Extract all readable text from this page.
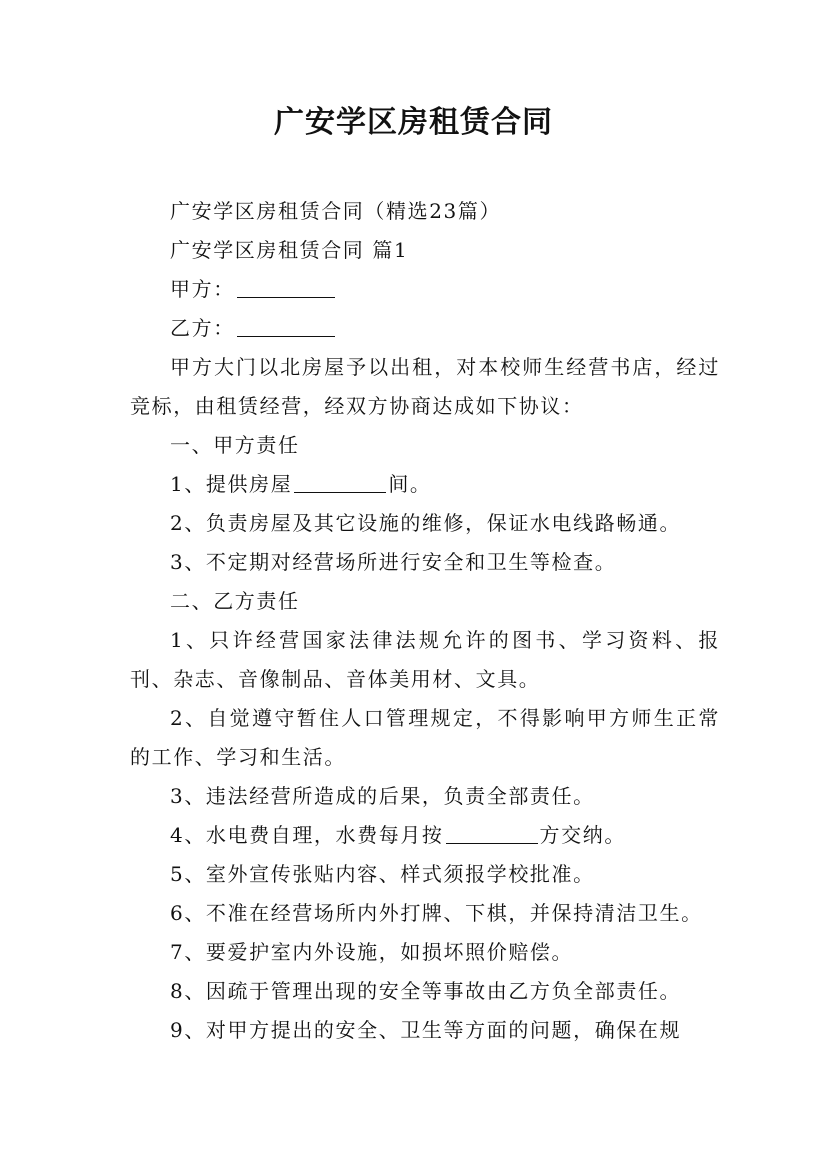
广安学区房租赁合同

广安学区房租赁合同（精选23篇）

广安学区房租赁合同 篇1

甲方：

乙方：

甲方大门以北房屋予以出租，对本校师生经营书店，经过竞标，由租赁经营，经双方协商达成如下协议：

一、甲方责任

1、提供房屋	间。

2、负责房屋及其它设施的维修，保证水电线路畅通。

3、不定期对经营场所进行安全和卫生等检查。

二、乙方责任

1、只许经营国家法律法规允许的图书、学习资料、报刊、杂志、音像制品、音体美用材、文具。

2、自觉遵守暂住人口管理规定，不得影响甲方师生正常的工作、学习和生活。

3、违法经营所造成的后果，负责全部责任。

4、水电费自理，水费每月按	方交纳。

5、室外宣传张贴内容、样式须报学校批准。

6、不准在经营场所内外打牌、下棋，并保持清洁卫生。

7、要爱护室内外设施，如损坏照价赔偿。

8、因疏于管理出现的安全等事故由乙方负全部责任。

9、对甲方提出的安全、卫生等方面的问题，确保在规
